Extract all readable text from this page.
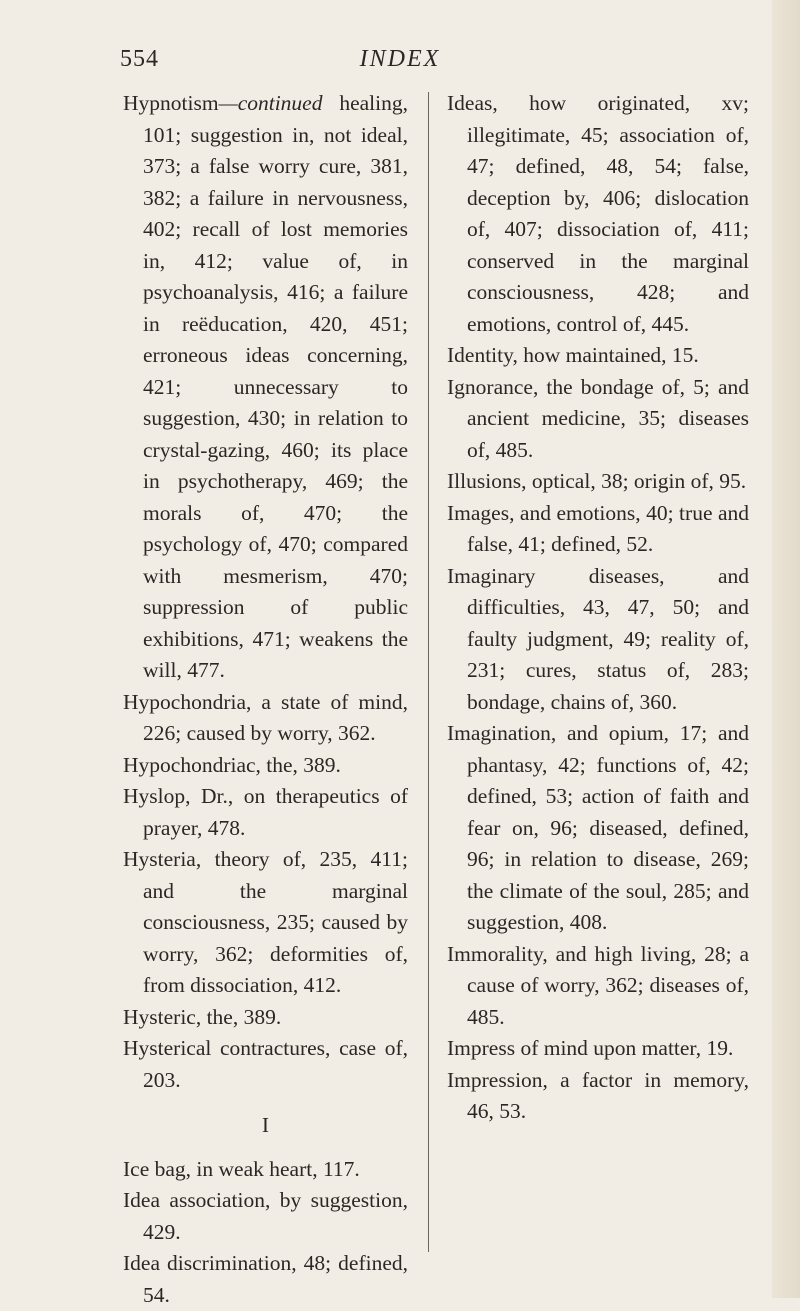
554	INDEX
Hypnotism—continued healing, 101; suggestion in, not ideal, 373; a false worry cure, 381, 382; a failure in nervousness, 402; recall of lost memories in, 412; value of, in psychoanalysis, 416; a failure in reëducation, 420, 451; erroneous ideas concerning, 421; unnecessary to suggestion, 430; in relation to crystal-gazing, 460; its place in psychotherapy, 469; the morals of, 470; the psychology of, 470; compared with mesmerism, 470; suppression of public exhibitions, 471; weakens the will, 477.
Hypochondria, a state of mind, 226; caused by worry, 362.
Hypochondriac, the, 389.
Hyslop, Dr., on therapeutics of prayer, 478.
Hysteria, theory of, 235, 411; and the marginal consciousness, 235; caused by worry, 362; deformities of, from dissociation, 412.
Hysteric, the, 389.
Hysterical contractures, case of, 203.
I
Ice bag, in weak heart, 117.
Idea association, by suggestion, 429.
Idea discrimination, 48; defined, 54.
Ideas, how originated, xv; illegitimate, 45; association of, 47; defined, 48, 54; false, deception by, 406; dislocation of, 407; dissociation of, 411; conserved in the marginal consciousness, 428; and emotions, control of, 445.
Identity, how maintained, 15.
Ignorance, the bondage of, 5; and ancient medicine, 35; diseases of, 485.
Illusions, optical, 38; origin of, 95.
Images, and emotions, 40; true and false, 41; defined, 52.
Imaginary diseases, and difficulties, 43, 47, 50; and faulty judgment, 49; reality of, 231; cures, status of, 283; bondage, chains of, 360.
Imagination, and opium, 17; and phantasy, 42; functions of, 42; defined, 53; action of faith and fear on, 96; diseased, defined, 96; in relation to disease, 269; the climate of the soul, 285; and suggestion, 408.
Immorality, and high living, 28; a cause of worry, 362; diseases of, 485.
Impress of mind upon matter, 19.
Impression, a factor in memory, 46, 53.
